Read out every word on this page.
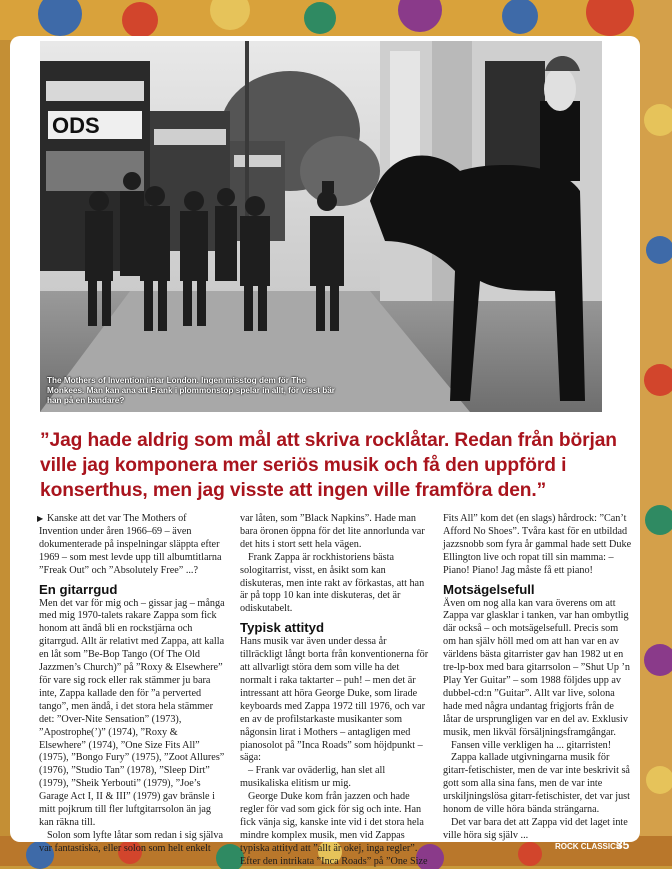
ODS
The Mothers of Invention intar London. Ingen misstog dem för The Monkees. Man kan ana att Frank i plommonstop spelar in allt, för visst bär han på en bandare?
”Jag hade aldrig som mål att skriva rocklåtar. Redan från början ville jag komponera mer seriös musik och få den uppförd i konserthus, men jag visste att ingen ville framföra den.”

▶ Kanske att det var The Mothers of Invention under åren 1966–69 – även dokumenterade på inspelningar släppta efter 1969 – som mest levde upp till albumtitlarna ”Freak Out” och ”Absolutely Free” ...?

En gitarrgud

Men det var för mig och – gissar jag – många med mig 1970-talets rakare Zappa som fick honom att ändå bli en rockstjärna och gitarrgud. Allt är relativt med Zappa, att kalla en låt som ”Be-Bop Tango (Of The Old Jazzmen’s Church)” på ”Roxy & Elsewhere” för vare sig rock eller rak stämmer ju bara inte, Zappa kallade den för ”a perverted tango”, men ändå, i det stora hela stämmer det: ”Over-Nite Sensation” (1973), ”Apostrophe(’)” (1974), ”Roxy & Elsewhere” (1974), ”One Size Fits All” (1975), ”Bongo Fury” (1975), ”Zoot Allures” (1976), ”Studio Tan” (1978), ”Sleep Dirt” (1979), ”Sheik Yerbouti” (1979), ”Joe’s Garage Act I, II & III” (1979) gav bränsle i mitt pojkrum till fler luftgitarrsolon än jag kan räkna till.

Solon som lyfte låtar som redan i sig själva var fantastiska, eller solon som helt enkelt

var låten, som ”Black Napkins”. Hade man bara öronen öppna för det lite annorlunda var det hits i stort sett hela vägen.

Frank Zappa är rockhistoriens bästa sologitarrist, visst, en åsikt som kan diskuteras, men inte rakt av förkastas, att han är på topp 10 kan inte diskuteras, det är odiskutabelt.

Typisk attityd

Hans musik var även under dessa år tillräckligt långt borta från konventionerna för att allvarligt störa dem som ville ha det normalt i raka taktarter – puh! – men det är intressant att höra George Duke, som lirade keyboards med Zappa 1972 till 1976, och var en av de profilstarkaste musikanter som någonsin lirat i Mothers – antagligen med pianosolot på ”Inca Roads” som höjdpunkt – säga:

– Frank var oväderlig, han slet all musikaliska elitism ur mig.

George Duke kom från jazzen och hade regler för vad som gick för sig och inte. Han fick vänja sig, kanske inte vid i det stora hela mindre komplex musik, men vid Zappas typiska attityd att ”allt är okej, inga regler”. Efter den intrikata ”Inca Roads” på ”One Size

Fits All” kom det (en slags) hårdrock: ”Can’t Afford No Shoes”. Tvåra kast för en utbildad jazzsnobb som fyra år gammal hade sett Duke Ellington live och ropat till sin mamma: – Piano! Piano! Jag måste få ett piano!

Motsägelsefull

Även om nog alla kan vara överens om att Zappa var glasklar i tanken, var han ombytlig där också – och motsägelsefull. Precis som om han själv höll med om att han var en av världens bästa gitarrister gav han 1982 ut en tre-lp-box med bara gitarrsolon – ”Shut Up ’n Play Yer Guitar” – som 1988 följdes upp av dubbel-cd:n ”Guitar”. Allt var live, solona hade med några undantag frigjorts från de låtar de ursprungligen var en del av. Exklusiv musik, men likväl försäljningsframgångar.

Fansen ville verkligen ha ... gitarristen!

Zappa kallade utgivningarna musik för gitarr-fetischister, men de var inte beskrivit så gott som alla sina fans, men de var inte urskiljningslösa gitarr-fetischister, det var just honom de ville höra bända strängarna.

Det var bara det att Zappa vid det laget inte ville höra sig själv ...

ROCK CLASSICS
35
